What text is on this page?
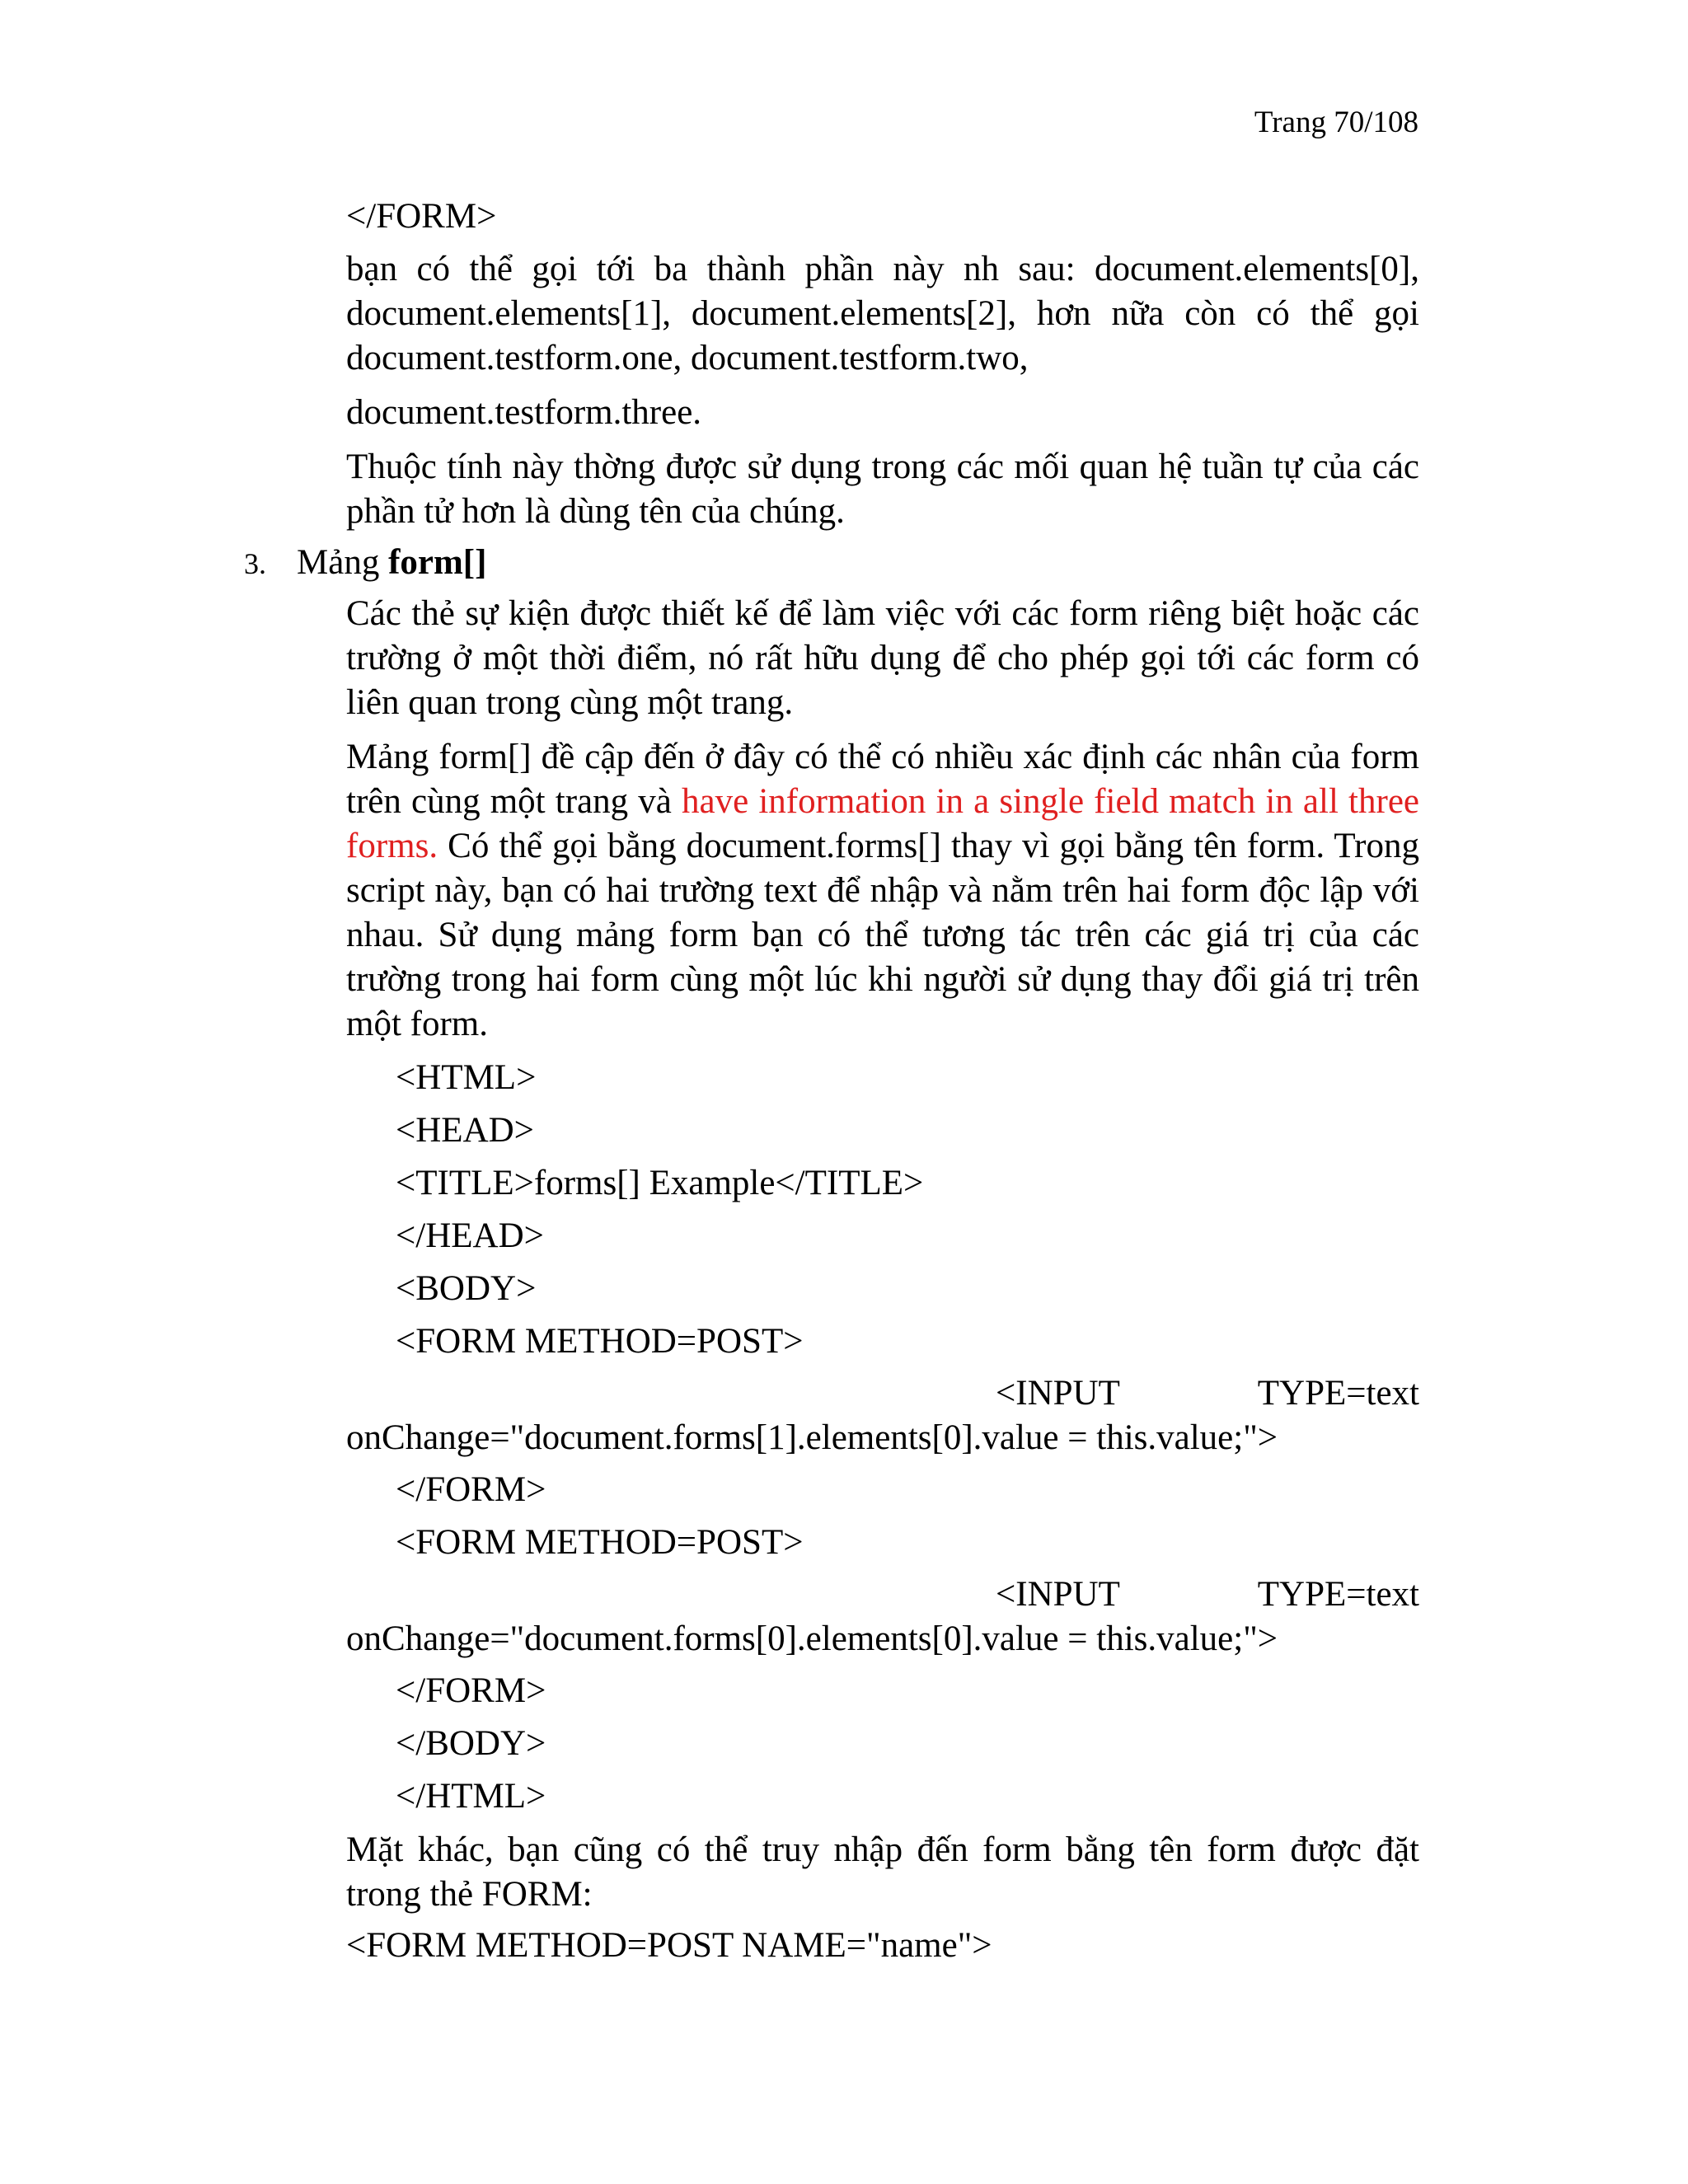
Trang 70/108

</FORM>

bạn có thể gọi tới ba thành phần này nh sau: document.elements[0], document.elements[1], document.elements[2], hơn nữa còn có thể gọi document.testform.one, document.testform.two,

document.testform.three.

Thuộc tính này thờng được sử dụng trong các mối quan hệ tuần tự của các phần tử hơn là dùng tên của chúng.

3. Mảng form[]

Các thẻ sự kiện được thiết kế để làm việc với các form riêng biệt hoặc các trường ở một thời điểm, nó rất hữu dụng để cho phép gọi tới các form có liên quan trong cùng một trang.

Mảng form[] đề cập đến ở đây có thể có nhiều xác định các nhân của form trên cùng một trang và have information in a single field match in all three forms. Có thể gọi bằng document.forms[] thay vì gọi bằng tên form. Trong script này, bạn có hai trường text để nhập và nằm trên hai form độc lập với nhau. Sử dụng mảng form bạn có thể tương tác trên các giá trị của các trường trong hai form cùng một lúc khi người sử dụng thay đổi giá trị trên một form.

<HTML>
<HEAD>
<TITLE>forms[] Example</TITLE>
</HEAD>
<BODY>
<FORM METHOD=POST>
<INPUT	TYPE=text

onChange="document.forms[1].elements[0].value = this.value;">

</FORM>
<FORM METHOD=POST>
<INPUT	TYPE=text

onChange="document.forms[0].elements[0].value = this.value;">

</FORM>
</BODY>
</HTML>

Mặt khác, bạn cũng có thể truy nhập đến form bằng tên form được đặt trong thẻ FORM:

<FORM METHOD=POST NAME="name">
